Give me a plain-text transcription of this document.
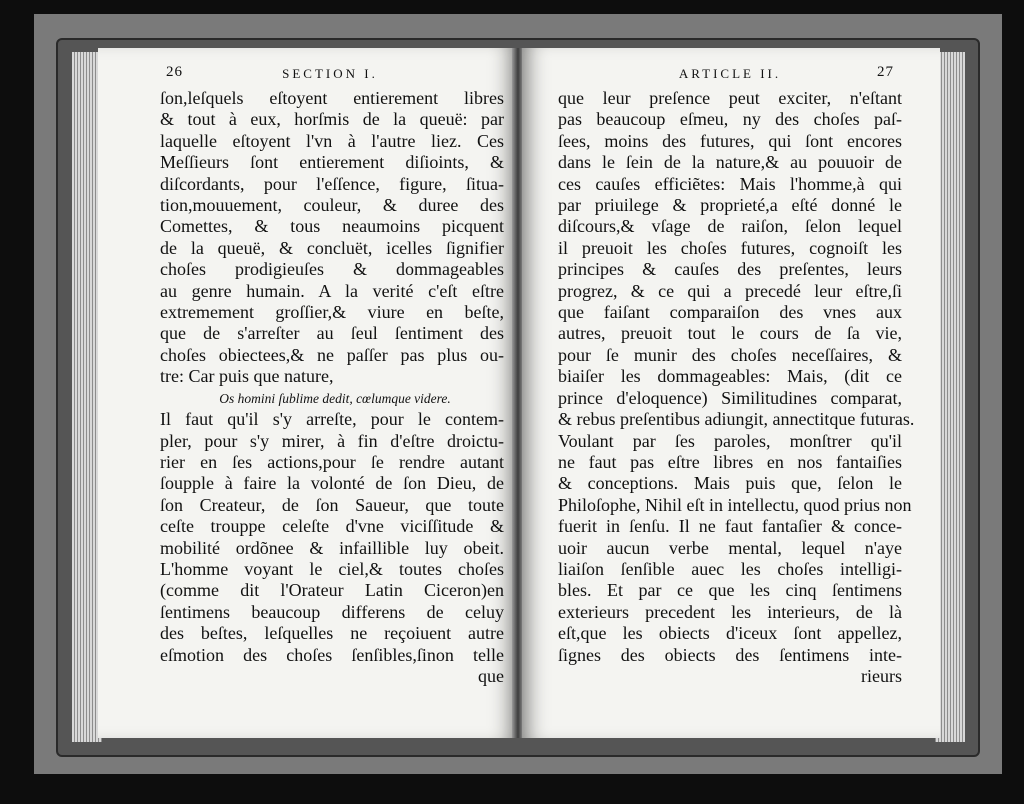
26	SECTION I.
ſon,leſquels eſtoyent entierement libres
& tout à eux, horſmis de la queuë: par
laquelle eſtoyent l'vn à l'autre liez. Ces
Meſſieurs ſont entierement diſioints, &
diſcordants, pour l'eſſence, figure, ſitua-
tion,mouuement, couleur, & duree des
Comettes, & tous neaumoins picquent
de la queuë, & concluët, icelles ſignifier
choſes prodigieuſes & dommageables
au genre humain. A la verité c'eſt eſtre
extremement groſſier,& viure en beſte,
que de s'arreſter au ſeul ſentiment des
choſes obiectees,& ne paſſer pas plus ou-
tre: Car puis que nature,
Os homini ſublime dedit, cœlumque videre.
Il faut qu'il s'y arreſte, pour le contem-
pler, pour s'y mirer, à fin d'eſtre droictu-
rier en ſes actions,pour ſe rendre autant
ſoupple à faire la volonté de ſon Dieu, de
ſon Createur, de ſon Saueur, que toute
ceſte trouppe celeſte d'vne viciſſitude &
mobilité ordõnee & infaillible luy obeit.
L'homme voyant le ciel,& toutes choſes
(comme dit l'Orateur Latin Ciceron)en
ſentimens beaucoup differens de celuy
des beſtes, leſquelles ne reçoiuent autre
eſmotion des choſes ſenſibles,ſinon telle
que
ARTICLE II.	27
que leur preſence peut exciter, n'eſtant
pas beaucoup eſmeu, ny des choſes paſ-
ſees, moins des futures, qui ſont encores
dans le ſein de la nature,& au pouuoir de
ces cauſes efficiẽtes: Mais l'homme,à qui
par priuilege & proprieté,a eſté donné le
diſcours,& vſage de raiſon, ſelon lequel
il preuoit les choſes futures, cognoiſt les
principes & cauſes des preſentes, leurs
progrez, & ce qui a precedé leur eſtre,ſi
que faiſant comparaiſon des vnes aux
autres, preuoit tout le cours de ſa vie,
pour ſe munir des choſes neceſſaires, &
biaiſer les dommageables: Mais, (dit ce
prince d'eloquence) Similitudines comparat,
& rebus preſentibus adiungit, annectitque futuras.
Voulant par ſes paroles, monſtrer qu'il
ne faut pas eſtre libres en nos fantaiſies
& conceptions. Mais puis que, ſelon le
Philoſophe, Nihil eſt in intellectu, quod prius non
fuerit in ſenſu. Il ne faut fantaſier & conce-
uoir aucun verbe mental, lequel n'aye
liaiſon ſenſible auec les choſes intelligi-
bles. Et par ce que les cinq ſentimens
exterieurs precedent les interieurs, de là
eſt,que les obiects d'iceux ſont appellez,
ſignes des obiects des ſentimens inte-
rieurs
